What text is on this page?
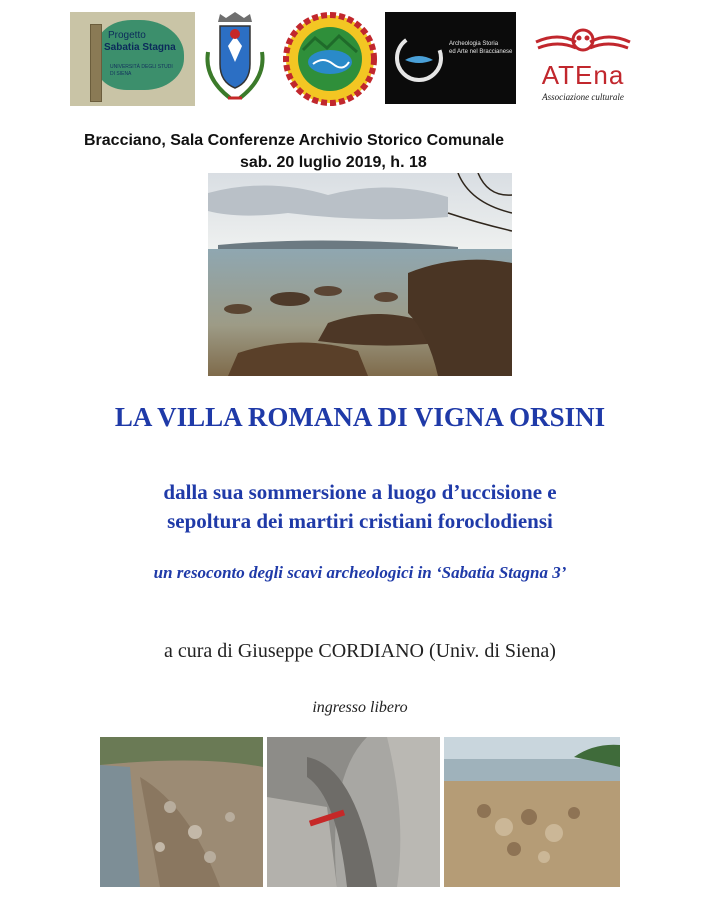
Progetto
Sabatia Stagna
UNIVERSITÀ DEGLI STUDI
DI SIENA
Archeologia Storia
ed Arte nel Braccianese
ATEna
Associazione culturale
Bracciano, Sala Conferenze Archivio Storico Comunale
sab. 20 luglio 2019, h. 18
LA VILLA ROMANA DI VIGNA ORSINI
dalla sua sommersione a luogo d’uccisione e
sepoltura dei martiri cristiani foroclodiensi
un resoconto degli scavi archeologici in ‘Sabatia Stagna 3’
a cura di Giuseppe CORDIANO (Univ. di Siena)
ingresso libero
